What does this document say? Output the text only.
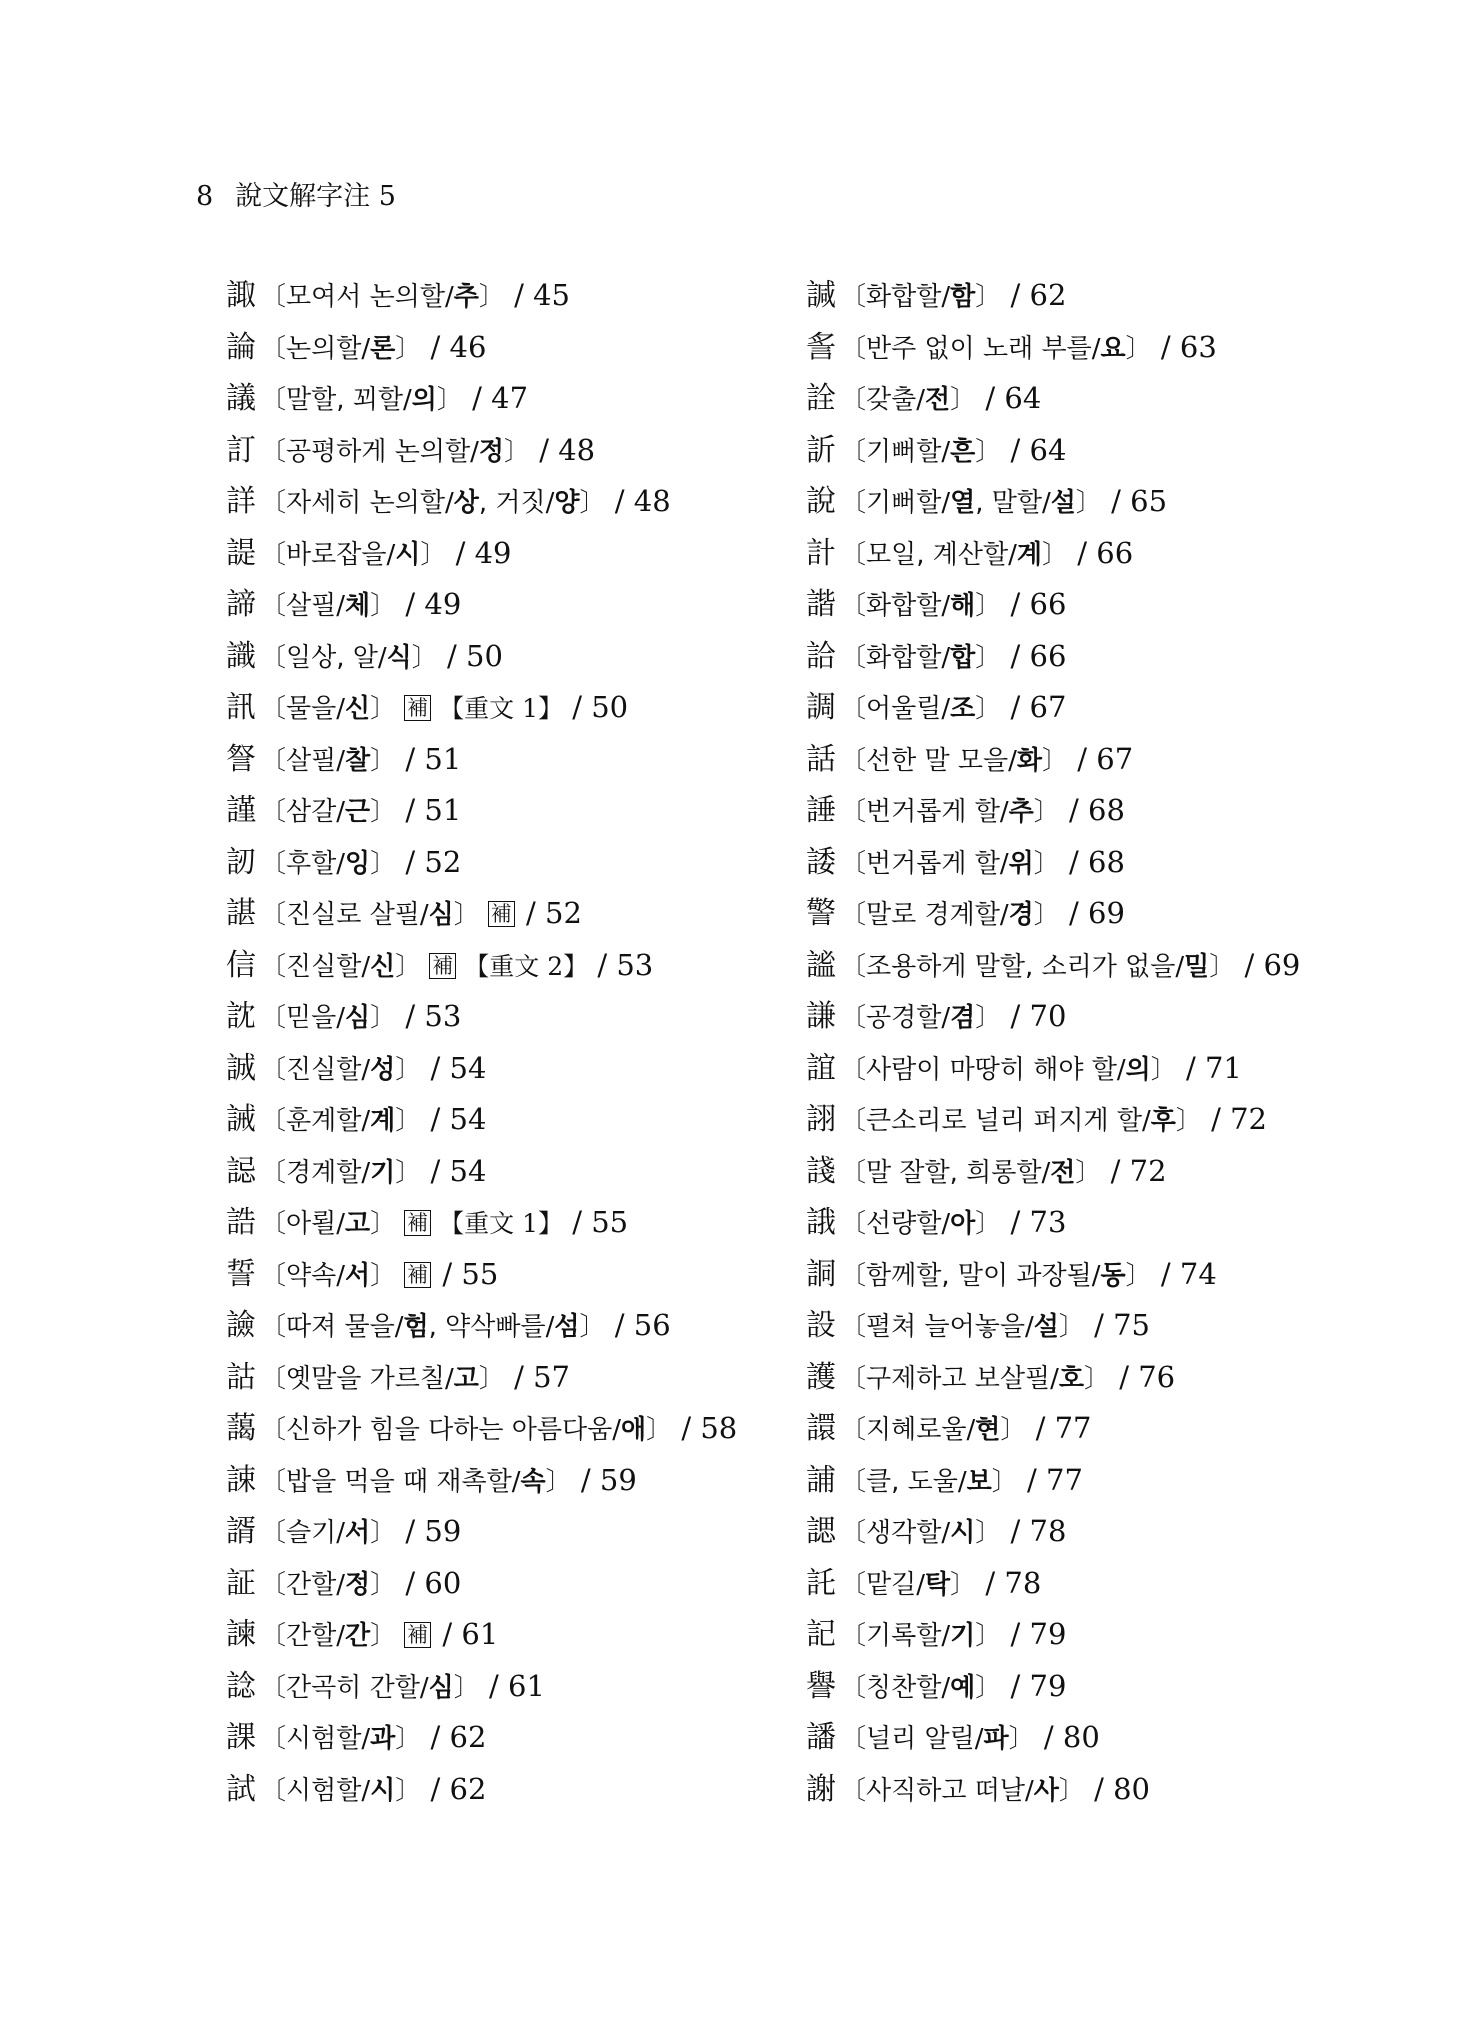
8 說文解字注 5
諏 〔모여서 논의할/추〕 / 45
論 〔논의할/론〕 / 46
議 〔말할, 꾀할/의〕 / 47
訂 〔공평하게 논의할/정〕 / 48
詳 〔자세히 논의할/상, 거짓/양〕 / 48
諟 〔바로잡을/시〕 / 49
諦 〔살필/체〕 / 49
識 〔일상, 알/식〕 / 50
訊 〔물을/신〕 補 【重文 1】 / 50
詧 〔살필/찰〕 / 51
謹 〔삼갈/근〕 / 51
訒 〔후할/잉〕 / 52
諶 〔진실로 살필/심〕 補 / 52
信 〔진실할/신〕 補 【重文 2】 / 53
訦 〔믿을/심〕 / 53
誠 〔진실할/성〕 / 54
誡 〔훈계할/계〕 / 54
誋 〔경계할/기〕 / 54
誥 〔아뢸/고〕 補 【重文 1】 / 55
誓 〔약속/서〕 補 / 55
譣 〔따져 물을/험, 약삭빠를/섬〕 / 56
詁 〔옛말을 가르칠/고〕 / 57
藹 〔신하가 힘을 다하는 아름다움/애〕 / 58
誎 〔밥을 먹을 때 재촉할/속〕 / 59
諝 〔슬기/서〕 / 59
証 〔간할/정〕 / 60
諫 〔간할/간〕 補 / 61
諗 〔간곡히 간할/심〕 / 61
課 〔시험할/과〕 / 62
試 〔시험할/시〕 / 62
諴 〔화합할/함〕 / 62
䚻 〔반주 없이 노래 부를/요〕 / 63
詮 〔갖출/전〕 / 64
訢 〔기뻐할/흔〕 / 64
說 〔기뻐할/열, 말할/설〕 / 65
計 〔모일, 계산할/계〕 / 66
諧 〔화합할/해〕 / 66
詥 〔화합할/합〕 / 66
調 〔어울릴/조〕 / 67
話 〔선한 말 모을/화〕 / 67
諈 〔번거롭게 할/추〕 / 68
諉 〔번거롭게 할/위〕 / 68
警 〔말로 경계할/경〕 / 69
謐 〔조용하게 말할, 소리가 없을/밀〕 / 69
謙 〔공경할/겸〕 / 70
誼 〔사람이 마땅히 해야 할/의〕 / 71
詡 〔큰소리로 널리 퍼지게 할/후〕 / 72
諓 〔말 잘할, 희롱할/전〕 / 72
誐 〔선량할/아〕 / 73
詷 〔함께할, 말이 과장될/동〕 / 74
設 〔펼쳐 늘어놓을/설〕 / 75
護 〔구제하고 보살필/호〕 / 76
譞 〔지혜로울/현〕 / 77
誧 〔클, 도울/보〕 / 77
諰 〔생각할/시〕 / 78
託 〔맡길/탁〕 / 78
記 〔기록할/기〕 / 79
譽 〔칭찬할/예〕 / 79
譒 〔널리 알릴/파〕 / 80
謝 〔사직하고 떠날/사〕 / 80
